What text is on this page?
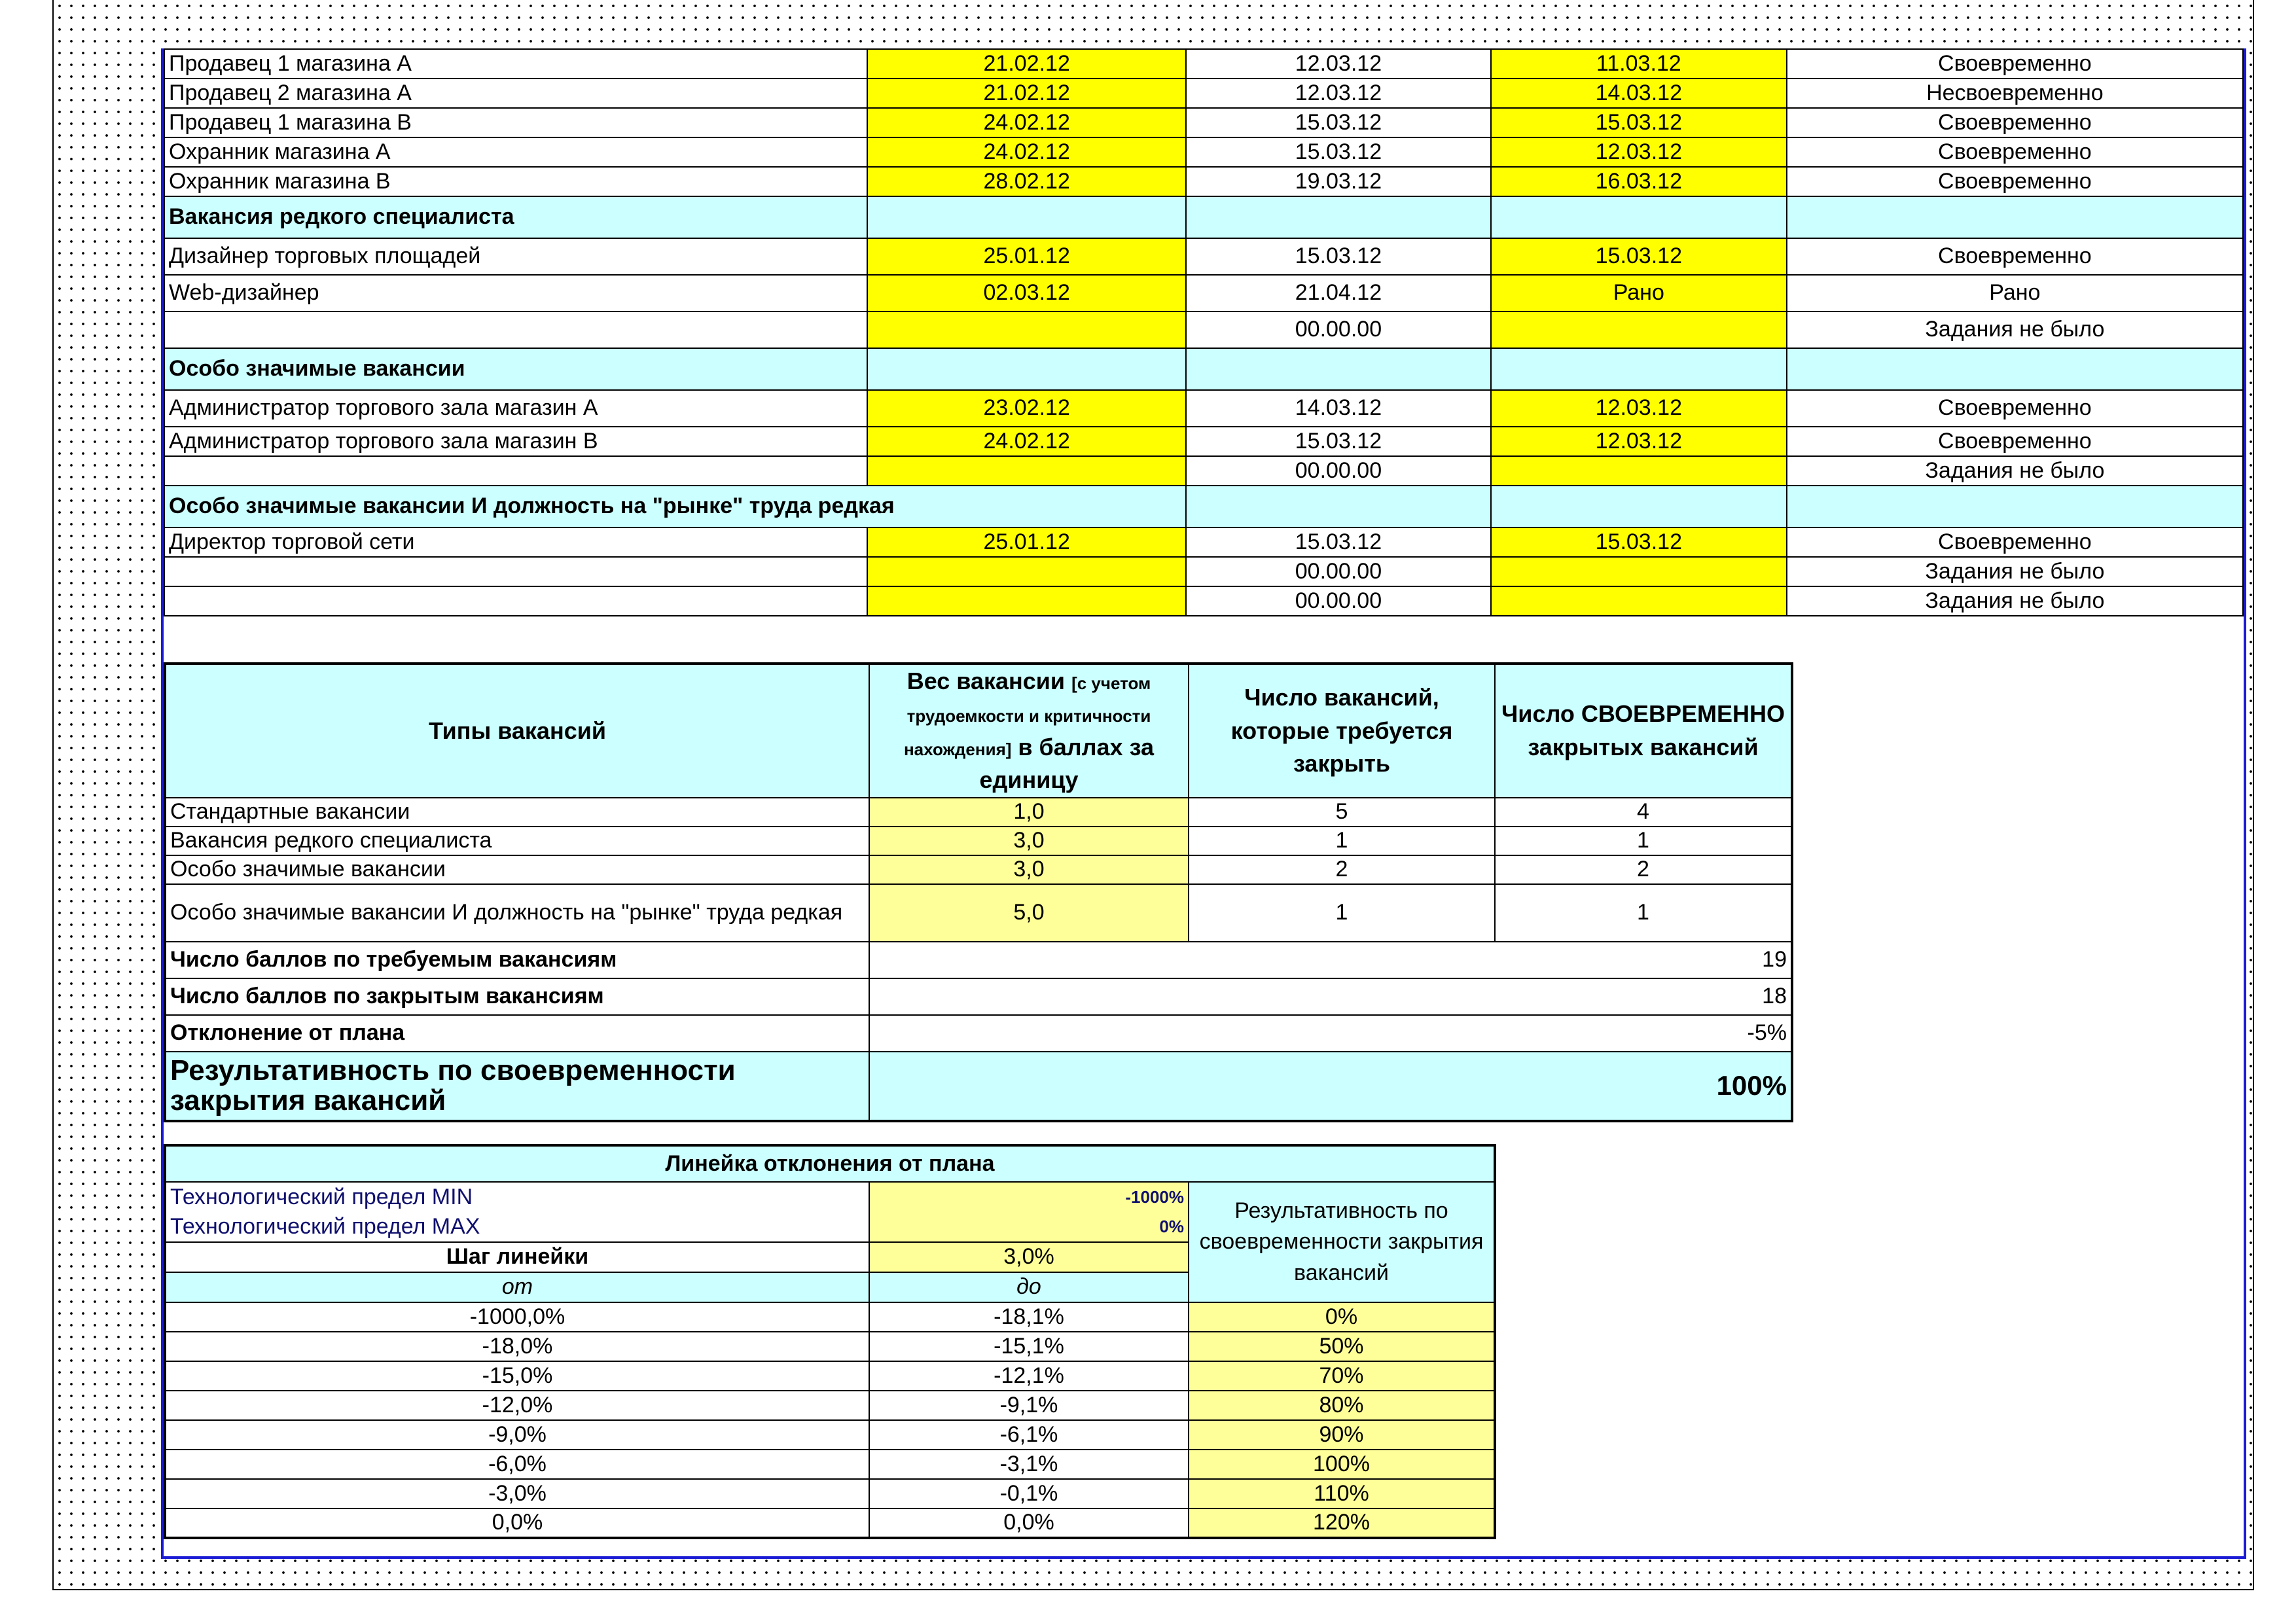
Продавец 1 магазина А	21.02.12	12.03.12	11.03.12	Своевременно
Продавец 2 магазина А	21.02.12	12.03.12	14.03.12	Несвоевременно
Продавец 1 магазина В	24.02.12	15.03.12	15.03.12	Своевременно
Охранник магазина А	24.02.12	15.03.12	12.03.12	Своевременно
Охранник магазина В	28.02.12	19.03.12	16.03.12	Своевременно
Вакансия редкого специалиста				
Дизайнер торговых площадей	25.01.12	15.03.12	15.03.12	Своевременно
Web-дизайнер	02.03.12	21.04.12	Рано	Рано
		00.00.00		Задания не было
Особо значимые вакансии				
Администратор торгового зала магазин А	23.02.12	14.03.12	12.03.12	Своевременно
Администратор торгового зала магазин В	24.02.12	15.03.12	12.03.12	Своевременно
		00.00.00		Задания не было
Особо значимые вакансии И должность на "рынке" труда редкая				
Директор торговой сети	25.01.12	15.03.12	15.03.12	Своевременно
		00.00.00		Задания не было
		00.00.00		Задания не было
Типы вакансий	Вес вакансии [с учетом трудоемкости и критичности нахождения] в баллах за единицу	Число вакансий, которые требуется закрыть	Число СВОЕВРЕМЕННО закрытых вакансий
Стандартные вакансии	1,0	5	4
Вакансия редкого специалиста	3,0	1	1
Особо значимые вакансии	3,0	2	2
Особо значимые вакансии И должность на "рынке" труда редкая	5,0	1	1
Число баллов по требуемым вакансиям	19		
Число баллов по закрытым вакансиям	18		
Отклонение от плана	-5%		
Результативность по своевременности закрытия вакансий	100%		
Линейка отклонения от плана		
Технологический предел MIN	-1000%	Результативность по своевременности закрытия вакансий
Технологический предел MAX	0%	
Шаг линейки	3,0%	
от	до	
-1000,0%	-18,1%	0%
-18,0%	-15,1%	50%
-15,0%	-12,1%	70%
-12,0%	-9,1%	80%
-9,0%	-6,1%	90%
-6,0%	-3,1%	100%
-3,0%	-0,1%	110%
0,0%	0,0%	120%
